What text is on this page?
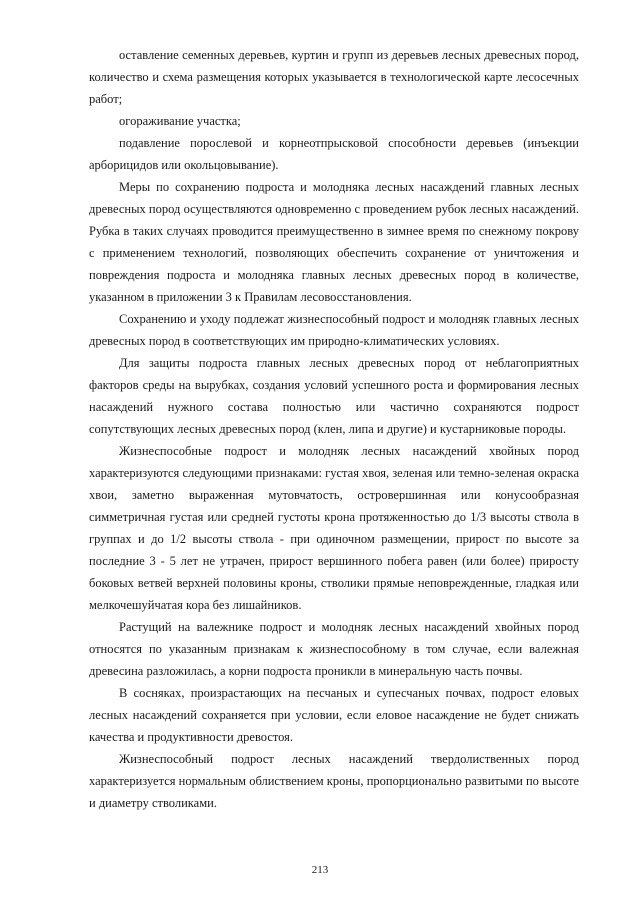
оставление семенных деревьев, куртин и групп из деревьев лесных древесных пород, количество и схема размещения которых указывается в технологической карте лесосечных работ;

огораживание участка;

подавление порослевой и корнеотпрысковой способности деревьев (инъекции арборицидов или окольцовывание).

Меры по сохранению подроста и молодняка лесных насаждений главных лесных древесных пород осуществляются одновременно с проведением рубок лесных насаждений. Рубка в таких случаях проводится преимущественно в зимнее время по снежному покрову с применением технологий, позволяющих обеспечить сохранение от уничтожения и повреждения подроста и молодняка главных лесных древесных пород в количестве, указанном в приложении 3 к Правилам лесовосстановления.

Сохранению и уходу подлежат жизнеспособный подрост и молодняк главных лесных древесных пород в соответствующих им природно-климатических условиях.

Для защиты подроста главных лесных древесных пород от неблагоприятных факторов среды на вырубках, создания условий успешного роста и формирования лесных насаждений нужного состава полностью или частично сохраняются подрост сопутствующих лесных древесных пород (клен, липа и другие) и кустарниковые породы.

Жизнеспособные подрост и молодняк лесных насаждений хвойных пород характеризуются следующими признаками: густая хвоя, зеленая или темно-зеленая окраска хвои, заметно выраженная мутовчатость, островершинная или конусообразная симметричная густая или средней густоты крона протяженностью до 1/3 высоты ствола в группах и до 1/2 высоты ствола - при одиночном размещении, прирост по высоте за последние 3 - 5 лет не утрачен, прирост вершинного побега равен (или более) приросту боковых ветвей верхней половины кроны, стволики прямые неповрежденные, гладкая или мелкочешуйчатая кора без лишайников.

Растущий на валежнике подрост и молодняк лесных насаждений хвойных пород относятся по указанным признакам к жизнеспособному в том случае, если валежная древесина разложилась, а корни подроста проникли в минеральную часть почвы.

В сосняках, произрастающих на песчаных и супесчаных почвах, подрост еловых лесных насаждений сохраняется при условии, если еловое насаждение не будет снижать качества и продуктивности древостоя.

Жизнеспособный подрост лесных насаждений твердолиственных пород характеризуется нормальным облиствением кроны, пропорционально развитыми по высоте и диаметру стволиками.

213
